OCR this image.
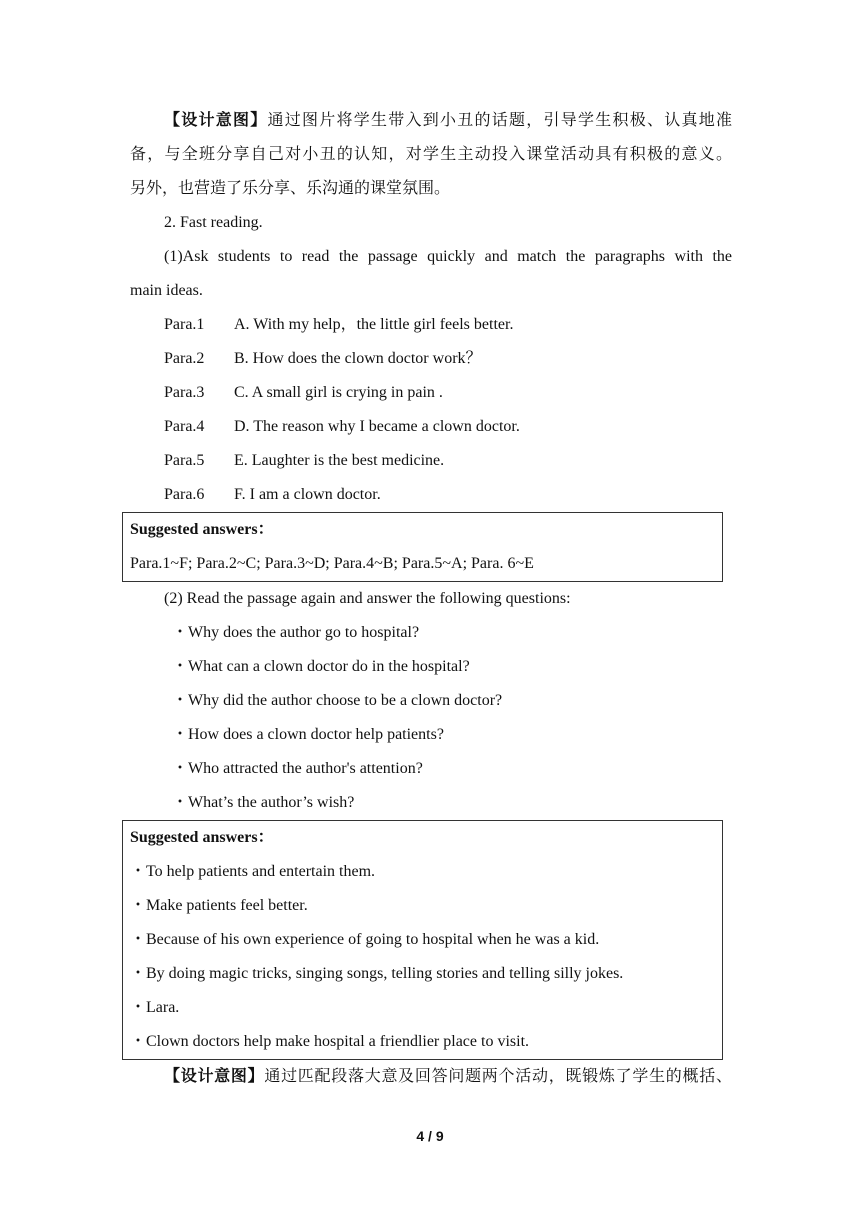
【设计意图】通过图片将学生带入到小丑的话题，引导学生积极、认真地准
备，与全班分享自己对小丑的认知，对学生主动投入课堂活动具有积极的意义。
另外，也营造了乐分享、乐沟通的课堂氛围。
2. Fast reading.
(1)Ask students to read the passage quickly and match the paragraphs with the
main ideas.
Para.1 A. With my help，the little girl feels better.
Para.2 B. How does the clown doctor work？
Para.3 C. A small girl is crying in pain .
Para.4 D. The reason why I became a clown doctor.
Para.5 E. Laughter is the best medicine.
Para.6 F. I am a clown doctor.
Suggested answers：
Para.1~F; Para.2~C; Para.3~D; Para.4~B; Para.5~A; Para. 6~E
(2) Read the passage again and answer the following questions:
・Why does the author go to hospital?
・What can a clown doctor do in the hospital?
・Why did the author choose to be a clown doctor?
・How does a clown doctor help patients?
・Who attracted the author's attention?
・What’s the author’s wish?
Suggested answers：
・To help patients and entertain them.
・Make patients feel better.
・Because of his own experience of going to hospital when he was a kid.
・By doing magic tricks, singing songs, telling stories and telling silly jokes.
・Lara.
・Clown doctors help make hospital a friendlier place to visit.
【设计意图】通过匹配段落大意及回答问题两个活动，既锻炼了学生的概括、
4 / 9
